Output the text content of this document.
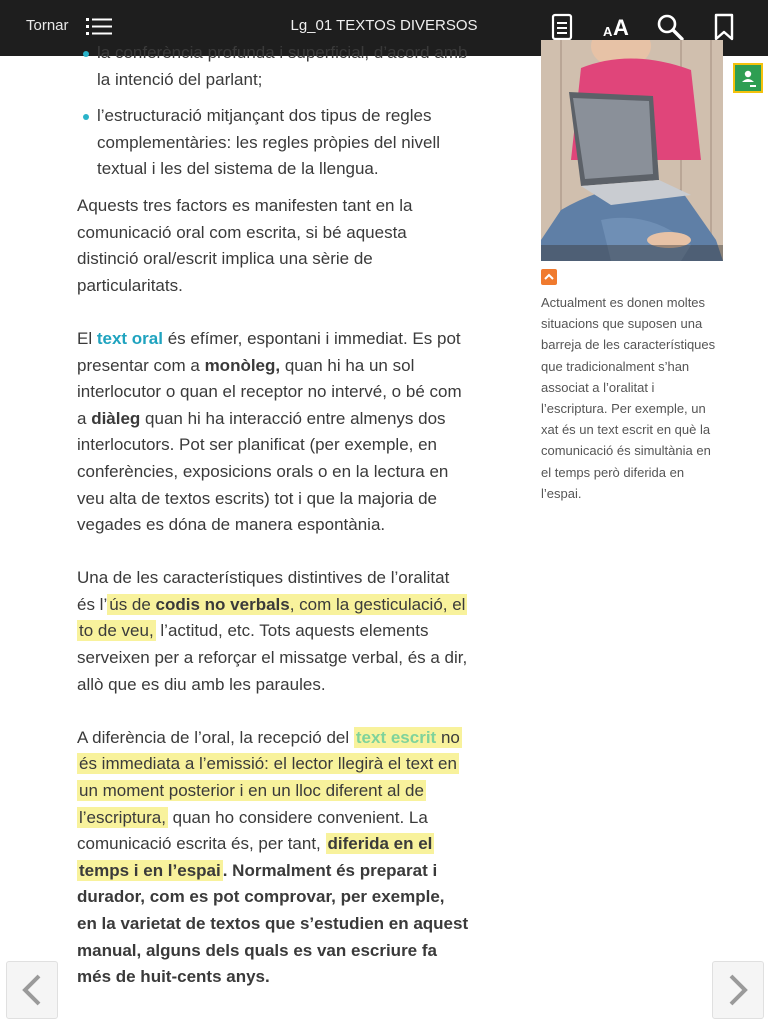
Tornar	Lg_01 TEXTOS DIVERSOS	A A
la conferència profunda i superficial, d’acord amb la intenció del parlant;
l’estructuració mitjançant dos tipus de regles complementàries: les regles pròpies del nivell textual i les del sistema de la llengua.

Aquests tres factors es manifesten tant en la comunicació oral com escrita, si bé aquesta distinció oral/escrit implica una sèrie de particularitats.

El text oral és efímer, espontani i immediat. Es pot presentar com a monòleg, quan hi ha un sol interlocutor o quan el receptor no intervé, o bé com a diàleg quan hi ha interacció entre almenys dos interlocutors. Pot ser planificat (per exemple, en conferències, exposicions orals o en la lectura en veu alta de textos escrits) tot i que la majoria de vegades es dóna de manera espontània.

Una de les característiques distintives de l’oralitat és l’ ús de codis no verbals, com la gesticulació, el to de veu, l’actitud, etc. Tots aquests elements serveixen per a reforçar el missatge verbal, és a dir, allò que es diu amb les paraules.

A diferència de l’oral, la recepció del text escrit no és immediata a l’emissió: el lector llegirà el text en un moment posterior i en un lloc diferent al de l’escriptura, quan ho considere convenient. La comunicació escrita és, per tant, diferida en el temps i en l’espai . Normalment és preparat i durador, com es pot comprovar, per exemple, en la varietat de textos que s’estudien en aquest manual, alguns dels quals es van escriure fa més de huit-cents anys.

Actualment es donen moltes situacions que suposen una barreja de les característiques que tradicionalment s’han associat a l’oralitat i l’escriptura. Per exemple, un xat és un text escrit en què la comunicació és simultània en el temps però diferida en l’espai.
